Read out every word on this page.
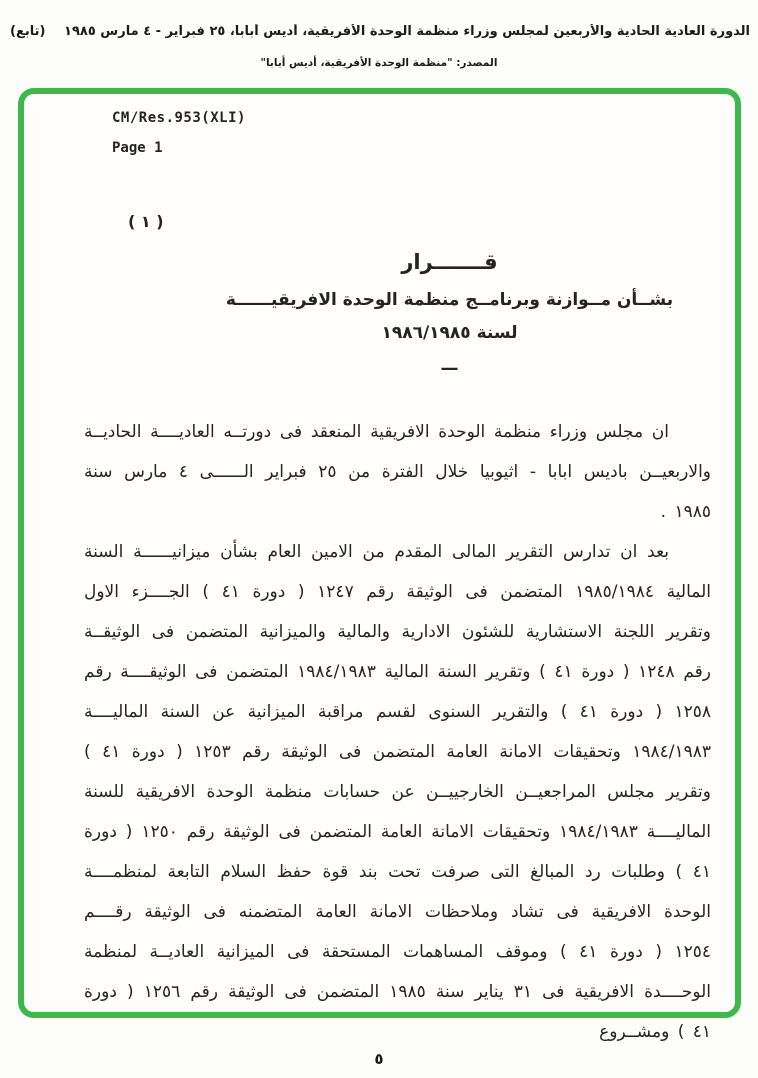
(تابع)	الدورة العادية الحادية والأربعين لمجلس وزراء منظمة الوحدة الأفريقية، أديس أبابا، ٢٥ فبراير - ٤ مارس ١٩٨٥
المصدر: "منظمة الوحدة الأفريقية، أديس أبابا"
CM/Res.953(XLI)
Page 1
( ١ )
قـــــــرار
بشــأن مــوازنة وبرنامــج منظمة الوحدة الافريقيــــــة
لسنة ١٩٨٦/١٩٨٥
—

ان مجلس وزراء منظمة الوحدة الافريقية المنعقد فى دورتــه العاديــــة الحاديــة والاربعيــن باديس ابابا - اثيوبيا خلال الفترة من ٢٥ فبراير الــــــى ٤ مارس سنة ١٩٨٥ .

بعد ان تدارس التقرير المالى المقدم من الامين العام بشأن ميزانيــــــة السنة المالية ١٩٨٥/١٩٨٤ المتضمن فى الوثيقة رقم ١٢٤٧ ( دورة ٤١ ) الجــــزء الاول وتقرير اللجنة الاستشارية للشئون الادارية والمالية والميزانية المتضمن فى الوثيقــة رقم ١٢٤٨ ( دورة ٤١ ) وتقرير السنة المالية ١٩٨٤/١٩٨٣ المتضمن فى الوثيقــــة رقم ١٢٥٨ ( دورة ٤١ ) والتقرير السنوى لقسم مراقبة الميزانية عن السنة الماليــــة ١٩٨٤/١٩٨٣ وتحقيقات الامانة العامة المتضمن فى الوثيقة رقم ١٢٥٣ ( دورة ٤١ ) وتقرير مجلس المراجعيــن الخارجييــن عن حسابات منظمة الوحدة الافريقية للسنة الماليــــة ١٩٨٤/١٩٨٣ وتحقيقات الامانة العامة المتضمن فى الوثيقة رقم ١٢٥٠ ( دورة ٤١ ) وطلبات رد المبالغ التى صرفت تحت بند قوة حفظ السلام التابعة لمنظمــــة الوحدة الافريقية فى تشاد وملاحظات الامانة العامة المتضمنه فى الوثيقة رقــــم ١٢٥٤ ( دورة ٤١ ) وموقف المساهمات المستحقة فى الميزانية العاديــة لمنظمة الوحــــدة الافريقية فى ٣١ يناير سنة ١٩٨٥ المتضمن فى الوثيقة رقم ١٢٥٦ ( دورة ٤١ ) ومشــروع

٥
